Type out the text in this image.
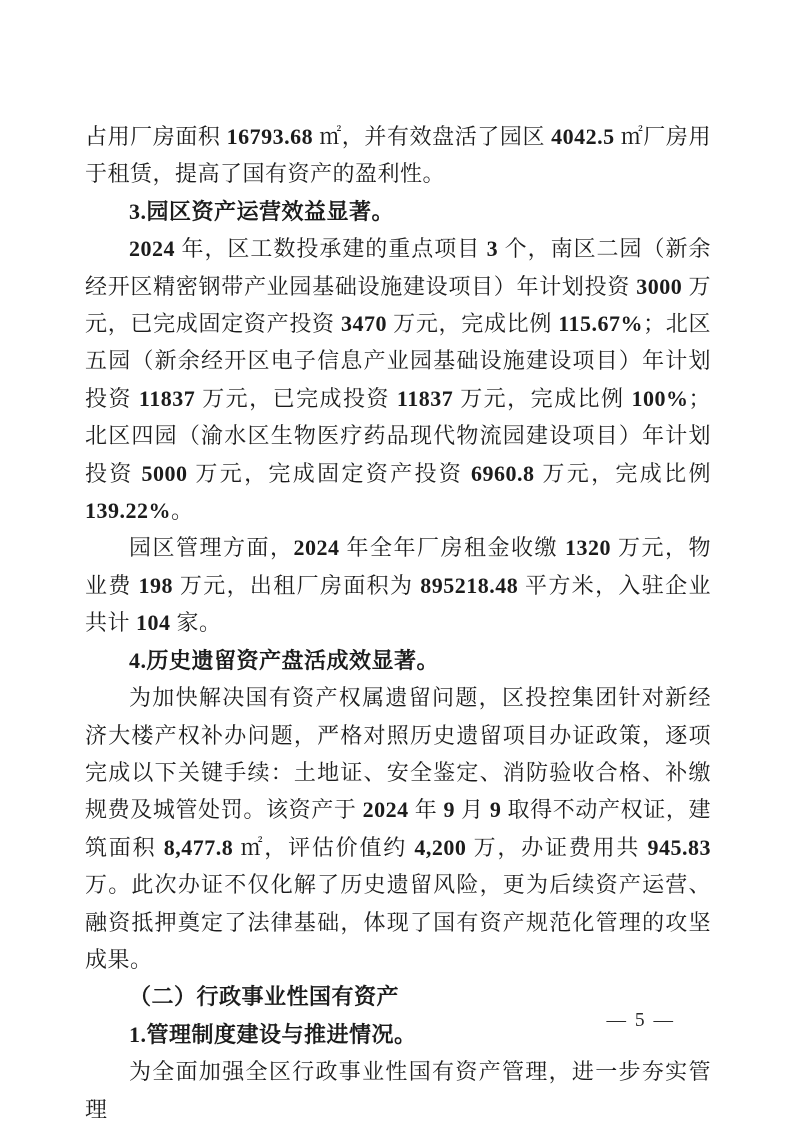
占用厂房面积 16793.68 ㎡，并有效盘活了园区 4042.5 ㎡厂房用于租赁，提高了国有资产的盈利性。

3.园区资产运营效益显著。

2024 年，区工数投承建的重点项目 3 个，南区二园（新余经开区精密钢带产业园基础设施建设项目）年计划投资 3000 万元，已完成固定资产投资 3470 万元，完成比例 115.67%；北区五园（新余经开区电子信息产业园基础设施建设项目）年计划投资 11837 万元，已完成投资 11837 万元，完成比例 100%；北区四园（渝水区生物医疗药品现代物流园建设项目）年计划投资 5000 万元，完成固定资产投资 6960.8 万元，完成比例 139.22%。

园区管理方面，2024 年全年厂房租金收缴 1320 万元，物业费 198 万元，出租厂房面积为 895218.48 平方米，入驻企业共计 104 家。

4.历史遗留资产盘活成效显著。

为加快解决国有资产权属遗留问题，区投控集团针对新经济大楼产权补办问题，严格对照历史遗留项目办证政策，逐项完成以下关键手续：土地证、安全鉴定、消防验收合格、补缴规费及城管处罚。该资产于 2024 年 9 月 9 取得不动产权证，建筑面积 8,477.8 ㎡，评估价值约 4,200 万，办证费用共 945.83 万。此次办证不仅化解了历史遗留风险，更为后续资产运营、融资抵押奠定了法律基础，体现了国有资产规范化管理的攻坚成果。

（二）行政事业性国有资产

1.管理制度建设与推进情况。

为全面加强全区行政事业性国有资产管理，进一步夯实管理

— 5 —
